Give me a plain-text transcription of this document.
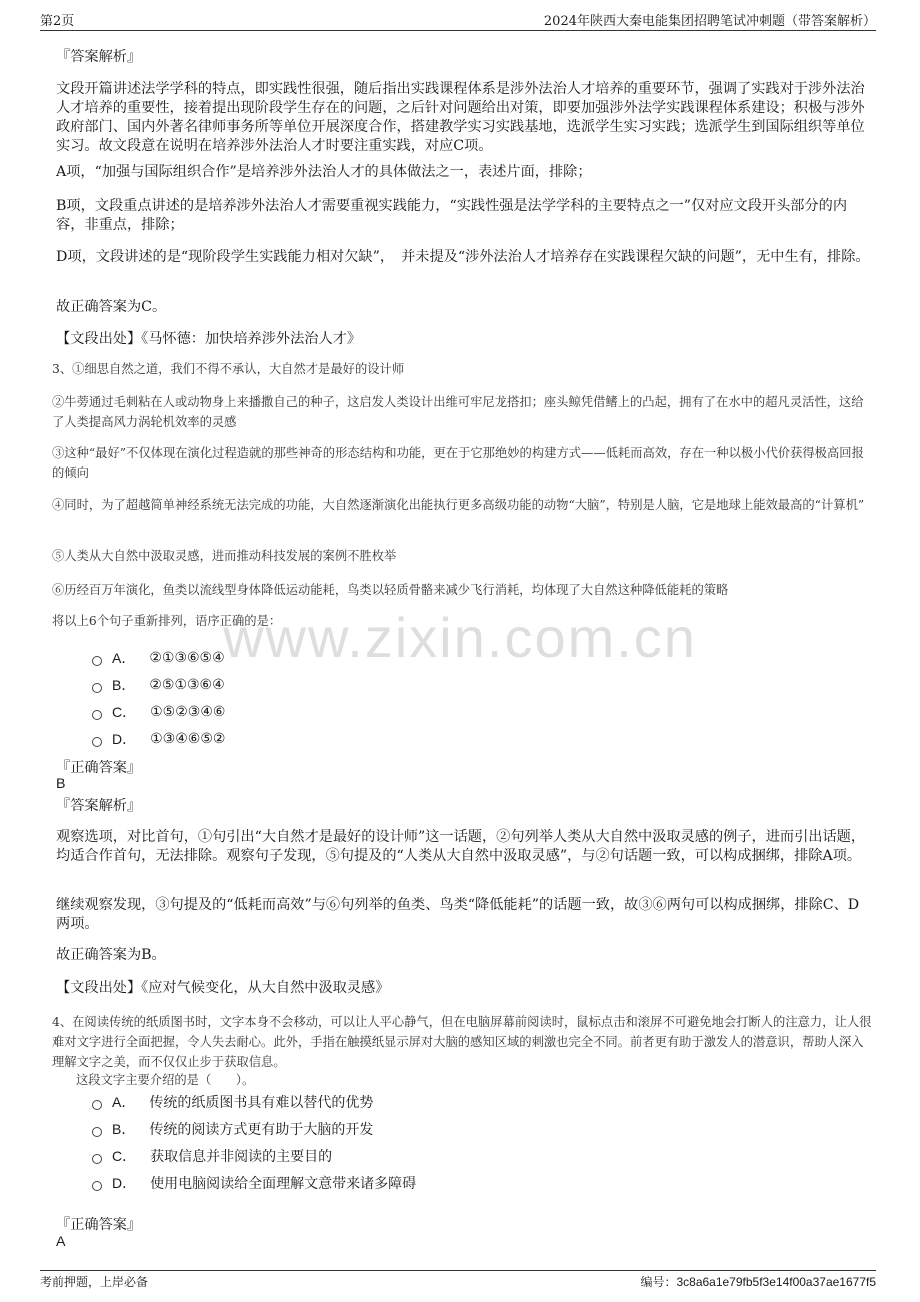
第2页	2024年陕西大秦电能集团招聘笔试冲刺题（带答案解析）
www.zixin.com.cn
『答案解析』
文段开篇讲述法学学科的特点，即实践性很强，随后指出实践课程体系是涉外法治人才培养的重要环节，强调了实践对于涉外法治人才培养的重要性，接着提出现阶段学生存在的问题，之后针对问题给出对策，即要加强涉外法学实践课程体系建设；积极与涉外政府部门、国内外著名律师事务所等单位开展深度合作，搭建教学实习实践基地，选派学生实习实践；选派学生到国际组织等单位实习。故文段意在说明在培养涉外法治人才时要注重实践，对应C项。
A项，“加强与国际组织合作”是培养涉外法治人才的具体做法之一，表述片面，排除；
B项，文段重点讲述的是培养涉外法治人才需要重视实践能力，“实践性强是法学学科的主要特点之一”仅对应文段开头部分的内容，非重点，排除；
D项，文段讲述的是“现阶段学生实践能力相对欠缺”，　并未提及“涉外法治人才培养存在实践课程欠缺的问题”，无中生有，排除。
故正确答案为C。
【文段出处】《马怀德：加快培养涉外法治人才》
3、①细思自然之道，我们不得不承认，大自然才是最好的设计师
②牛蒡通过毛刺粘在人或动物身上来播撒自己的种子，这启发人类设计出维可牢尼龙搭扣；座头鲸凭借鳍上的凸起，拥有了在水中的超凡灵活性，这给了人类提高风力涡轮机效率的灵感
③这种“最好”不仅体现在演化过程造就的那些神奇的形态结构和功能，更在于它那绝妙的构建方式——低耗而高效，存在一种以极小代价获得极高回报的倾向
④同时，为了超越简单神经系统无法完成的功能，大自然逐渐演化出能执行更多高级功能的动物“大脑”，特别是人脑，它是地球上能效最高的“计算机”
⑤人类从大自然中汲取灵感，进而推动科技发展的案例不胜枚举
⑥历经百万年演化，鱼类以流线型身体降低运动能耗，鸟类以轻质骨骼来减少飞行消耗，均体现了大自然这种降低能耗的策略
将以上6个句子重新排列，语序正确的是：
A． ②①③⑥⑤④
B． ②⑤①③⑥④
C． ①⑤②③④⑥
D． ①③④⑥⑤②
『正确答案』
B
『答案解析』
观察选项，对比首句，①句引出“大自然才是最好的设计师”这一话题，②句列举人类从大自然中汲取灵感的例子，进而引出话题，均适合作首句，无法排除。观察句子发现，⑤句提及的“人类从大自然中汲取灵感”，与②句话题一致，可以构成捆绑，排除A项。
继续观察发现，③句提及的“低耗而高效”与⑥句列举的鱼类、鸟类“降低能耗”的话题一致，故③⑥两句可以构成捆绑，排除C、D两项。
故正确答案为B。
【文段出处】《应对气候变化，从大自然中汲取灵感》
4、在阅读传统的纸质图书时，文字本身不会移动，可以让人平心静气，但在电脑屏幕前阅读时，鼠标点击和滚屏不可避免地会打断人的注意力，让人很难对文字进行全面把握，令人失去耐心。此外，手指在触摸纸显示屏对大脑的感知区域的刺激也完全不同。前者更有助于激发人的潜意识，帮助人深入理解文字之美，而不仅仅止步于获取信息。
这段文字主要介绍的是（　　）。
A． 传统的纸质图书具有难以替代的优势
B． 传统的阅读方式更有助于大脑的开发
C． 获取信息并非阅读的主要目的
D． 使用电脑阅读给全面理解文意带来诸多障碍
『正确答案』
A
考前押题，上岸必备	编号：3c8a6a1e79fb5f3e14f00a37ae1677f5
